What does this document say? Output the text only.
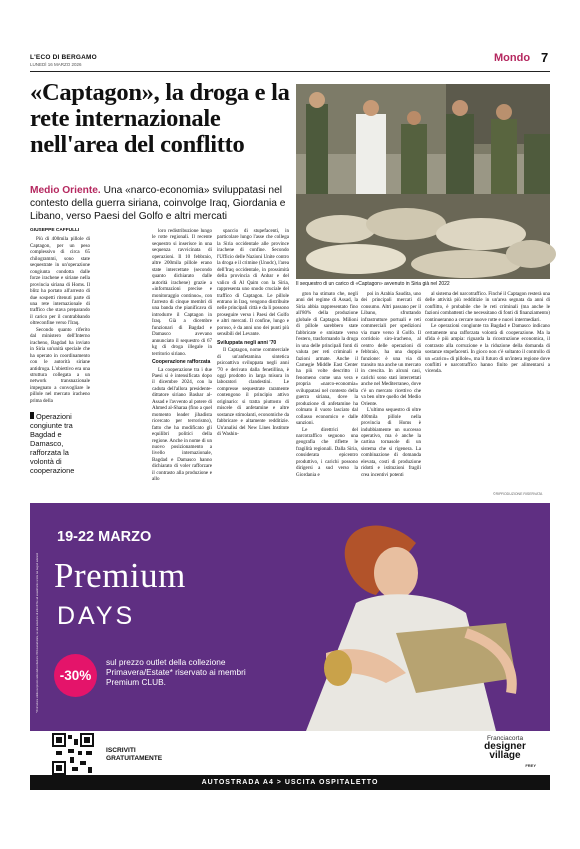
L'ECO DI BERGAMO
LUNEDÌ 16 MARZO 2026
Mondo 7
«Captagon», la droga e la rete internazionale nell'area del conflitto
Medio Oriente. Una «narco-economia» sviluppatasi nel contesto della guerra siriana, coinvolge Iraq, Giordania e Libano, verso Paesi del Golfo e altri mercati
Il sequestro di un carico di «Captagon» avvenuto in Siria già nel 2022
GIUSEPPE CAFFULLI

Più di 400mila pillole di Captagon, per un peso complessivo di circa 65 chilogrammi, sono state sequestrate in un'operazione congiunta condotta dalle forze irachene e siriane nella provincia siriana di Homs. Il blitz ha portato all'arresto di due sospetti ritenuti parte di una rete internazionale di traffico che stava preparando il carico per il contrabbando oltreconfine verso l'Iraq.

Secondo quanto riferito dal ministero dell'Interno iracheno, Bagdad ha inviato in Siria un'unità speciale che ha operato in coordinamento con le autorità siriane antidroga. L'obiettivo era una struttura collegata a un network transnazionale impegnato a convogliare le pillole nel mercato iracheno prima della

loro redistribuzione lungo le rotte regionali. Il recente sequestro si inserisce in una sequenza ravvicinata di operazioni. Il 10 febbraio, altre 200mila pillole erano state intercettate (secondo quanto dichiarato dalle autorità irachene) grazie a «informazioni precise e monitoraggio continuo», con l'arresto di cinque membri di una banda che pianificava di introdurre il Captagon in Iraq. Già a dicembre funzionari di Bagdad e Damasco avevano annunciato il sequestro di 67 kg di droga illegale in territorio siriano.

Cooperazione rafforzata

La cooperazione tra i due Paesi si è intensificata dopo il dicembre 2024, con la caduta dell'allora presidente-dittatore siriano Bashar al-Assad e l'avvento al potere di Ahmed al-Sharaa (fino a quel momento leader jihadista ricercato per terrorismo), fatto che ha modificato gli equilibri politici della regione. Anche in nome di un nuovo posizionamento a livello internazionale, Bagdad e Damasco hanno dichiarato di voler rafforzare il contrasto alla produzione e allo

spaccio di stupefacenti, in particolare lungo l'asse che collega la Siria occidentale alle province irachene di confine. Secondo l'Ufficio delle Nazioni Unite contro la droga e il crimine (Unodc), l'area dell'Iraq occidentale, in prossimità della provincia di Anbar e del valico di Al Qaim con la Siria, rappresenta uno snodo cruciale del traffico di Captagon. Le pillole entrano in Iraq, vengono distribuite nelle principali città e da lì possono proseguire verso i Paesi del Golfo e altri mercati. Il confine, lungo e poroso, è da anni uno dei punti più sensibili del Levante.

Sviluppata negli anni '70

Il Captagon, nome commerciale di un'anfetamina sintetica psicoattiva sviluppata negli anni '70 e derivato dalla fenetillina, è oggi prodotto in larga misura in laboratori clandestini. Le compresse sequestrate raramente contengono il principio attivo originario: si tratta piuttosto di miscele di anfetamine e altre sostanze stimolanti, economiche da fabbricare e altamente redditizie. Un'analisi del New Lines Institute di Washin-

gton ha stimato che, negli anni del regime di Assad, la Siria abbia rappresentato fino all'80% della produzione globale di Captagon. Milioni di pillole sarebbero state fabbricate e smistate verso l'estero, trasformando la droga in una delle principali fonti di valuta per reti criminali e fazioni armate. Anche il Carnegie Middle East Center ha più volte descritto il fenomeno come una vera e propria «narco-economia» sviluppatasi nel contesto della guerra siriana, dove la produzione di anfetamine ha colmato il vuoto lasciato dal collasso economico e dalle sanzioni.

Le direttrici del narcotraffico seguono una geografia che riflette le fragilità regionali. Dalla Siria, considerata epicentro produttivo, i carichi possono dirigersi a sud verso la Giordania e

poi in Arabia Saudita, uno dei principali mercati di consumo. Altri passano per il Libano, sfruttando infrastrutture portuali e reti commerciali per spedizioni via mare verso il Golfo. Il corridoio siro-iracheno, al centro delle operazioni di febbraio, ha una doppia funzione: è una via di transito ma anche un mercato in crescita. In alcuni casi, carichi sono stati intercettati anche nel Mediterraneo, dove c'è un mercato ricettivo che va ben oltre quello del Medio Oriente.

L'ultimo sequestro di oltre 400mila pillole nella provincia di Homs è indubbiamente un successo operativo, ma è anche la cartina tornasole di un sistema che si rigenera. La combinazione di domanda elevata, costi di produzione ridotti e istituzioni fragili crea incentivi potenti

al sistema del narcotraffico. Finché il Captagon resterà una delle attività più redditizie in un'area segnata da anni di conflitto, è probabile che le reti criminali (ma anche le fazioni combattenti che necessitano di fonti di finanziamento) continueranno a cercare nuove rotte e nuovi intermediari.

Le operazioni congiunte tra Bagdad e Damasco indicano certamente una rafforzata volontà di cooperazione. Ma la sfida è più ampia: riguarda la ricostruzione economica, il contrasto alla corruzione e la riduzione della domanda di sostanze stupefacenti. In gioco non c'è soltanto il controllo di un «carico» di pillole», ma il futuro di un'intera regione dove conflitti e narcotraffico hanno finito per alimentarsi a vicenda.

Operazioni congiunte tra Bagdad e Damasco, rafforzata la volontà di cooperazione
©RIPRODUZIONE RISERVATA
*Promozione valida sui prezzi outlet della collezione Primavera/Estate, su una selezione di articoli fino ad esaurimento scorte nei negozi aderenti
19-22 MARZO
Premium
DAYS
-30%
sul prezzo outlet della collezione Primavera/Estate* riservato ai membri Premium CLUB.
ISCRIVITI
GRATUITAMENTE
Franciacorta
designer
village
FREY
AUTOSTRADA A4 > USCITA OSPITALETTO
